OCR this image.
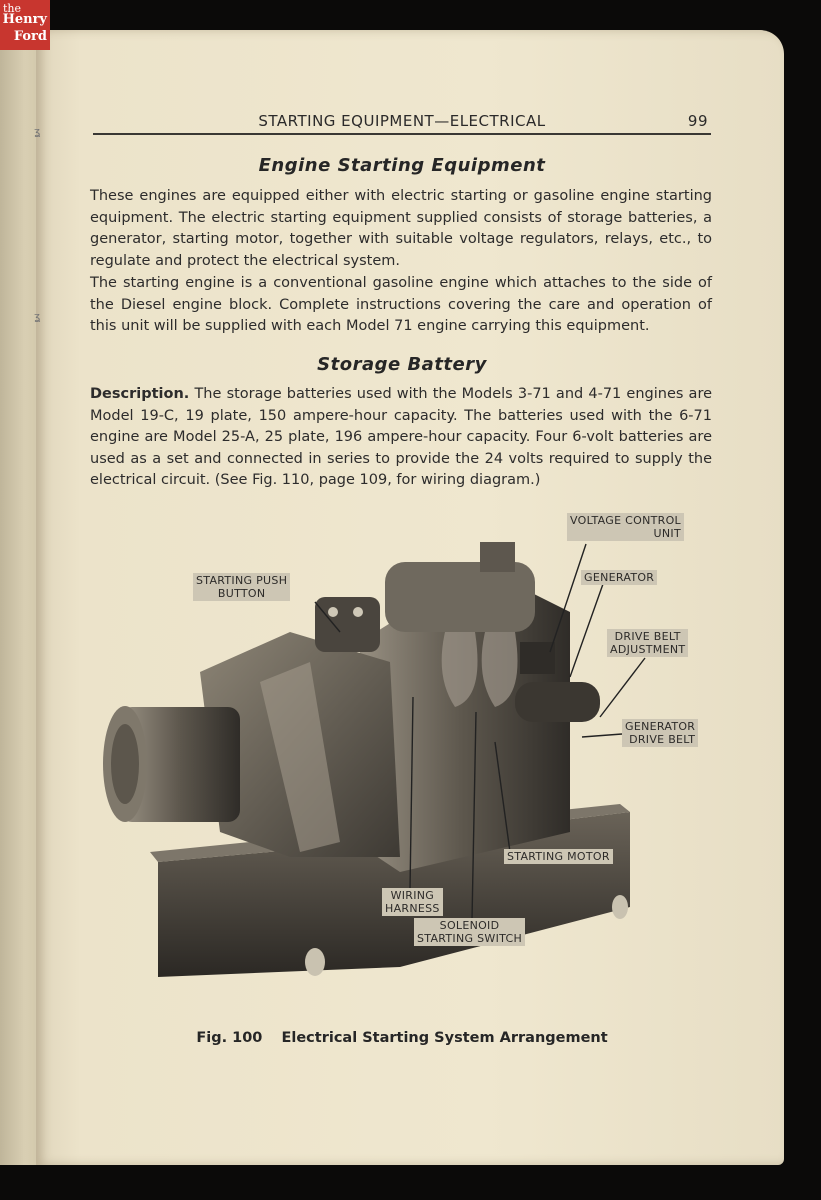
the
Henry
Ford
ʓ
ʓ
STARTING EQUIPMENT—ELECTRICAL	99
Engine Starting Equipment

These engines are equipped either with electric starting or gasoline engine starting equipment. The electric starting equipment supplied consists of storage batteries, a generator, starting motor, together with suitable voltage regulators, relays, etc., to regulate and protect the electrical system.

The starting engine is a conventional gasoline engine which attaches to the side of the Diesel engine block. Complete instructions covering the care and operation of this unit will be supplied with each Model 71 engine carrying this equipment.

Storage Battery

Description. The storage batteries used with the Models 3-71 and 4-71 engines are Model 19-C, 19 plate, 150 ampere-hour capacity. The batteries used with the 6-71 engine are Model 25-A, 25 plate, 196 ampere-hour capacity. Four 6-volt batteries are used as a set and connected in series to provide the 24 volts required to supply the electrical circuit. (See Fig. 110, page 109, for wiring diagram.)

VOLTAGE CONTROL
UNIT
GENERATOR
STARTING PUSH
BUTTON
DRIVE BELT
ADJUSTMENT
GENERATOR
DRIVE BELT
STARTING MOTOR
WIRING
HARNESS
SOLENOID
STARTING SWITCH
Fig. 100 Electrical Starting System Arrangement
